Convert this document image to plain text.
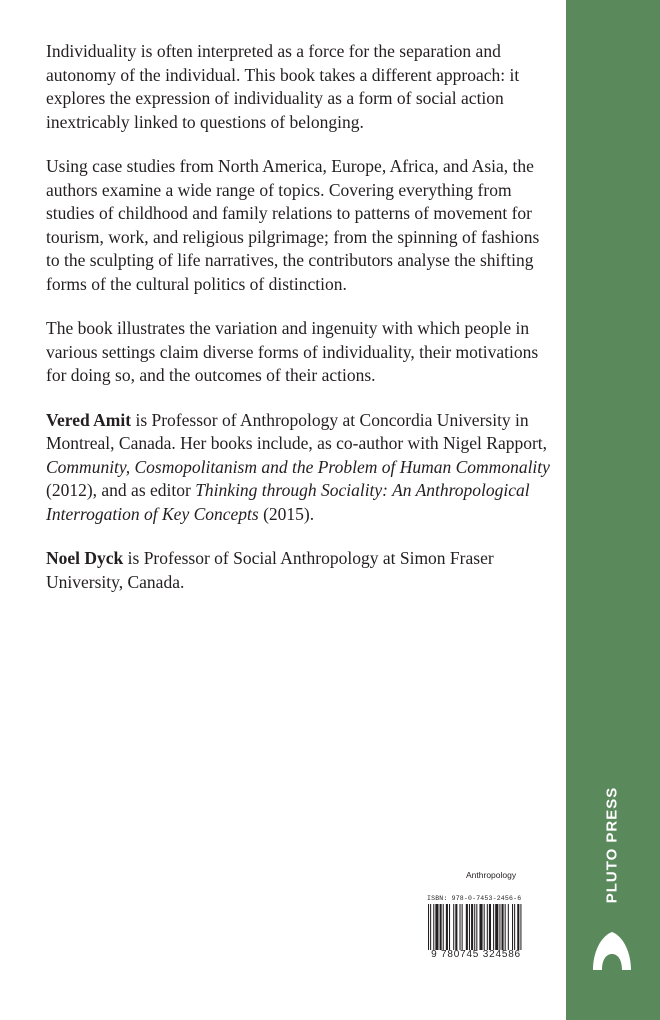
Individuality is often interpreted as a force for the separation and autonomy of the individual. This book takes a different approach: it explores the expression of individuality as a form of social action inextricably linked to questions of belonging.

Using case studies from North America, Europe, Africa, and Asia, the authors examine a wide range of topics. Covering everything from studies of childhood and family relations to patterns of movement for tourism, work, and religious pilgrimage; from the spinning of fashions to the sculpting of life narratives, the contributors analyse the shifting forms of the cultural politics of distinction.

The book illustrates the variation and ingenuity with which people in various settings claim diverse forms of individuality, their motivations for doing so, and the outcomes of their actions.

Vered Amit is Professor of Anthropology at Concordia University in Montreal, Canada. Her books include, as co-author with Nigel Rapport, Community, Cosmopolitanism and the Problem of Human Commonality (2012), and as editor Thinking through Sociality: An Anthropological Interrogation of Key Concepts (2015).

Noel Dyck is Professor of Social Anthropology at Simon Fraser University, Canada.

Anthropology
ISBN: 978-0-7453-2456-6
9 780745 324586
PLUTO PRESS
